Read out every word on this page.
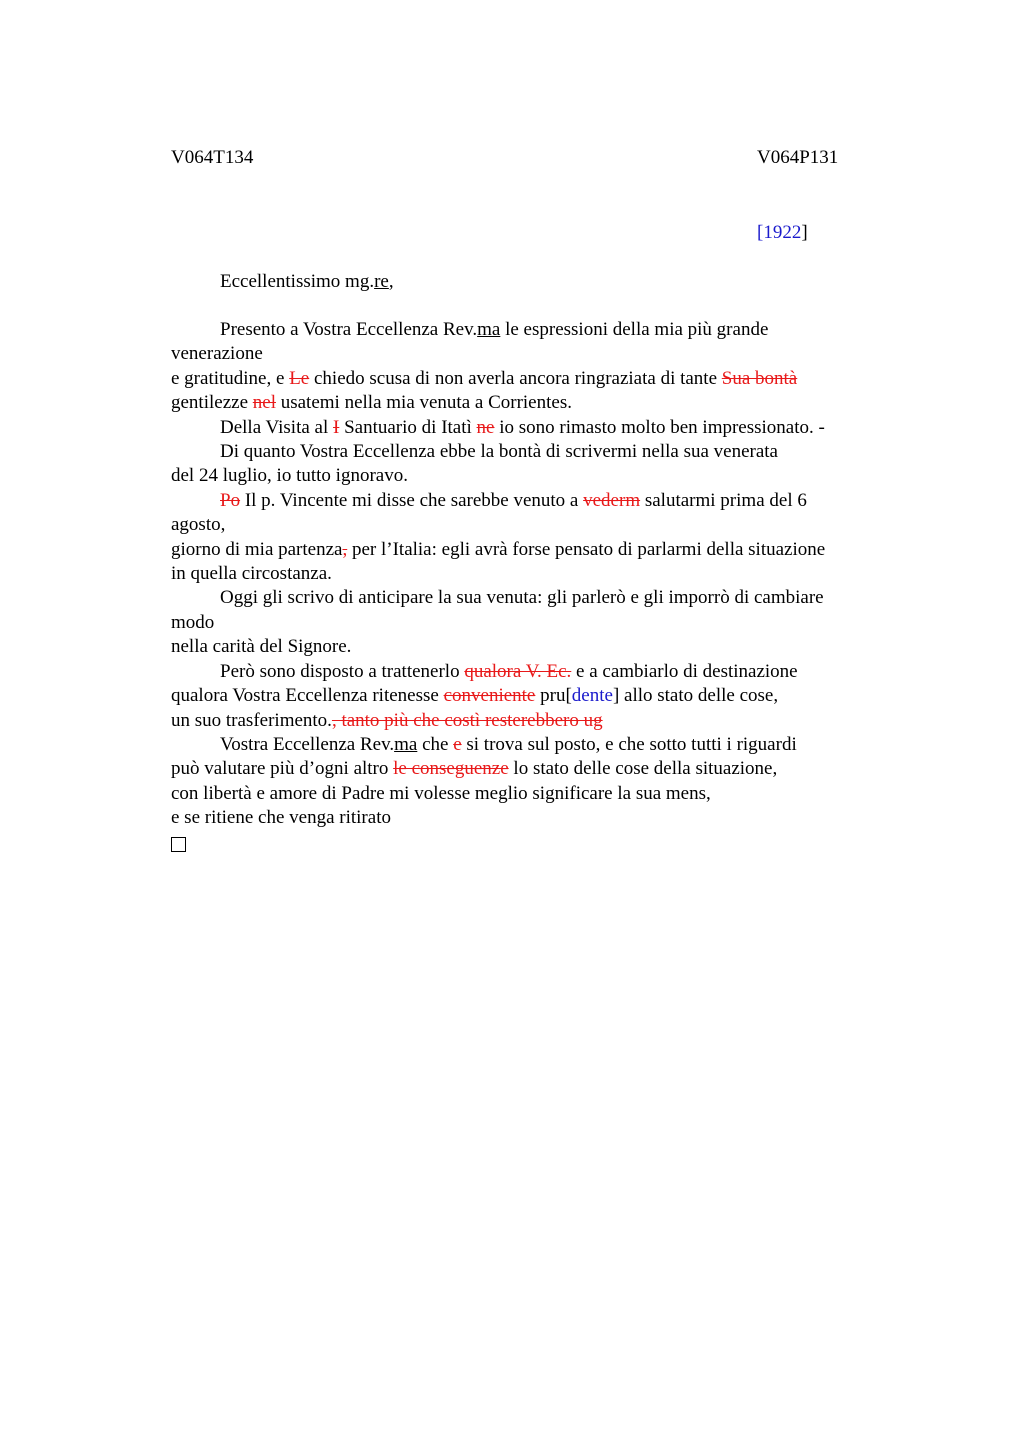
V064T134	V064P131
[1922]
Eccellentissimo mg.re,
Presento a Vostra Eccellenza Rev.ma le espressioni della mia più grande
venerazione
e gratitudine, e Le chiedo scusa di non averla ancora ringraziata di tante Sua bontà
gentilezze nel usatemi nella mia venuta a Corrientes.
Della Visita al I Santuario di Itatì ne io sono rimasto molto ben impressionato. -
Di quanto Vostra Eccellenza ebbe la bontà di scrivermi nella sua venerata
del 24 luglio, io tutto ignoravo.
Po Il p. Vincente mi disse che sarebbe venuto a vederm salutarmi prima del 6
agosto,
giorno di mia partenza, per l’Italia: egli avrà forse pensato di parlarmi della situazione
in quella circostanza.
Oggi gli scrivo di anticipare la sua venuta: gli parlerò e gli imporrò di cambiare
modo
nella carità del Signore.
Però sono disposto a trattenerlo qualora V. Ec. e a cambiarlo di destinazione
qualora Vostra Eccellenza ritenesse conveniente pru[dente] allo stato delle cose,
un suo trasferimento., tanto più che costì resterebbero ug
Vostra Eccellenza Rev.ma che e si trova sul posto, e che sotto tutti i riguardi
può valutare più d’ogni altro le conseguenze lo stato delle cose della situazione,
con libertà e amore di Padre mi volesse meglio significare la sua mens,
e se ritiene che venga ritirato
